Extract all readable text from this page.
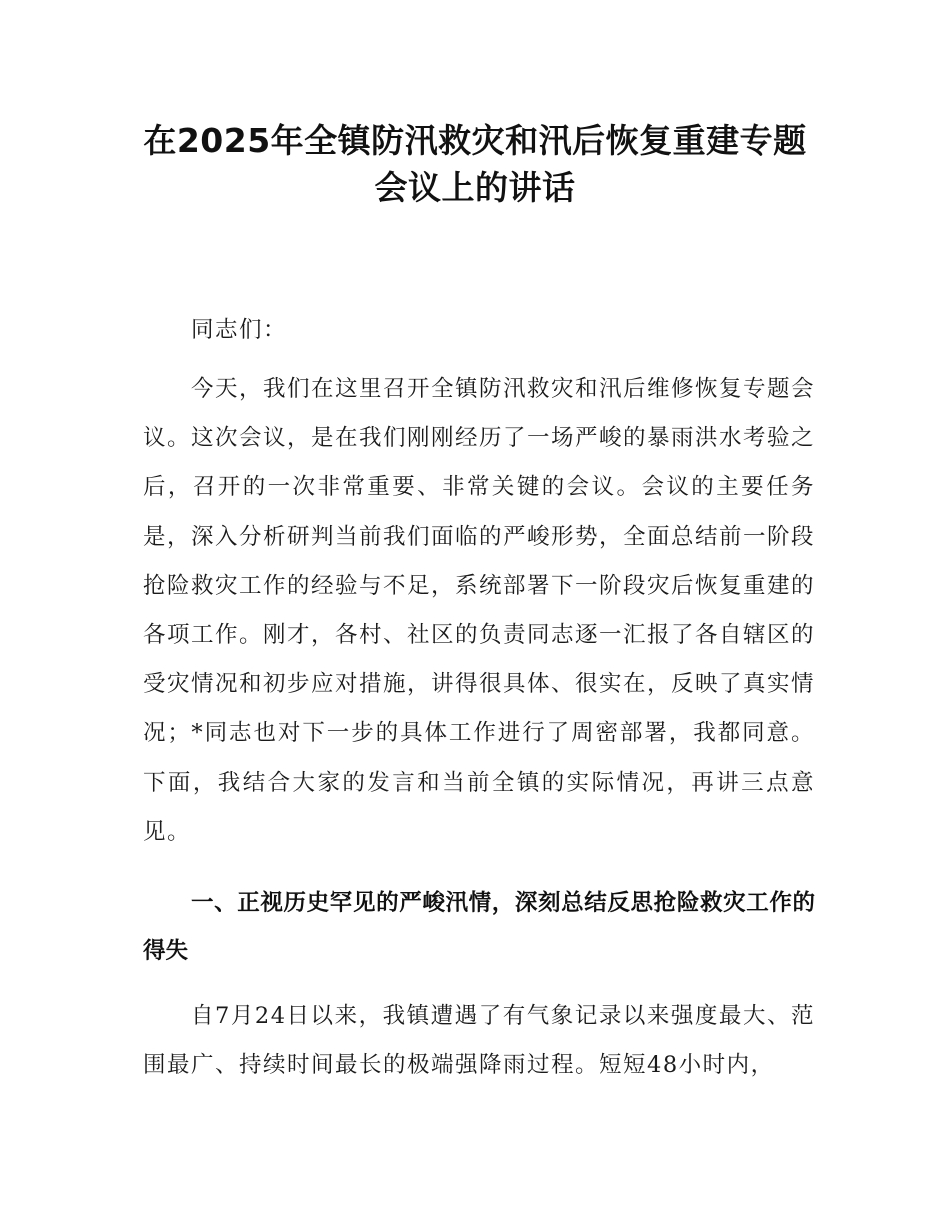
在2025年全镇防汛救灾和汛后恢复重建专题
会议上的讲话

同志们：

今天，我们在这里召开全镇防汛救灾和汛后维修恢复专题会议。这次会议，是在我们刚刚经历了一场严峻的暴雨洪水考验之后，召开的一次非常重要、非常关键的会议。会议的主要任务是，深入分析研判当前我们面临的严峻形势，全面总结前一阶段抢险救灾工作的经验与不足，系统部署下一阶段灾后恢复重建的各项工作。刚才，各村、社区的负责同志逐一汇报了各自辖区的受灾情况和初步应对措施，讲得很具体、很实在，反映了真实情况；*同志也对下一步的具体工作进行了周密部署，我都同意。下面，我结合大家的发言和当前全镇的实际情况，再讲三点意见。

一、正视历史罕见的严峻汛情，深刻总结反思抢险救灾工作的得失

自7月24日以来，我镇遭遇了有气象记录以来强度最大、范围最广、持续时间最长的极端强降雨过程。短短48小时内，
